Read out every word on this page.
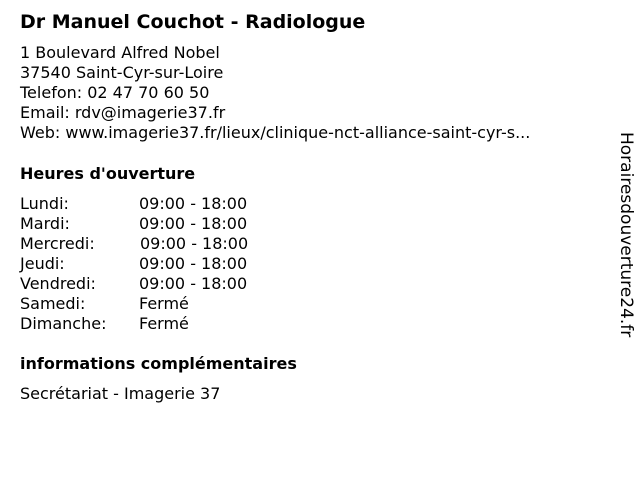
Dr Manuel Couchot - Radiologue
1 Boulevard Alfred Nobel
37540 Saint-Cyr-sur-Loire
Telefon: 02 47 70 60 50
Email: rdv@imagerie37.fr
Web: www.imagerie37.fr/lieux/clinique-nct-alliance-saint-cyr-s...
Heures d'ouverture
Lundi:	09:00 - 18:00
Mardi:	09:00 - 18:00
Mercredi:	09:00 - 18:00
Jeudi:	09:00 - 18:00
Vendredi:	09:00 - 18:00
Samedi:	Fermé
Dimanche: Fermé
informations complémentaires
Secrétariat - Imagerie 37
Horairesdouverture24.fr
